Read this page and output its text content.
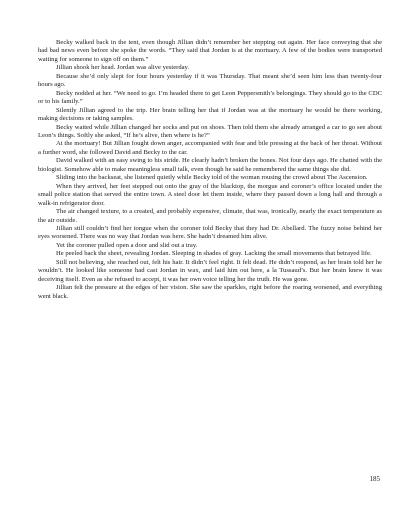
Becky walked back in the tent, even though Jillian didn’t remember her stepping out again. Her face conveying that she had bad news even before she spoke the words. “They said that Jordan is at the mortuary. A few of the bodies were transported waiting for someone to sign off on them.”

Jillian shook her head. Jordan was alive yesterday.

Because she’d only slept for four hours yesterday if it was Thursday. That meant she’d seen him less than twenty-four hours ago.

Becky nodded at her. “We need to go. I’m headed there to get Leon Peppersmith’s belongings. They should go to the CDC or to his family.”

Silently Jillian agreed to the trip. Her brain telling her that if Jordan was at the mortuary he would be there working, making decisions or taking samples.

Becky waited while Jillian changed her socks and put on shoes. Then told them she already arranged a car to go see about Leon’s things. Softly she asked, “If he’s alive, then where is he?”

At the mortuary! But Jillian fought down anger, accompanied with fear and bile pressing at the back of her throat. Without a further word, she followed David and Becky to the car.

David walked with an easy swing to his stride. He clearly hadn’t broken the bones. Not four days ago. He chatted with the biologist. Somehow able to make meaningless small talk, even though he said he remembered the same things she did.

Sliding into the backseat, she listened quietly while Becky told of the woman rousing the crowd about The Ascension.

When they arrived, her feet stepped out onto the gray of the blacktop, the morgue and coroner’s office located under the small police station that served the entire town. A steel door let them inside, where they passed down a long hall and through a walk-in refrigerator door.

The air changed texture, to a created, and probably expensive, climate, that was, ironically, nearly the exact temperature as the air outside.

Jillian still couldn’t find her tongue when the coroner told Becky that they had Dr. Abellard. The fuzzy noise behind her eyes worsened. There was no way that Jordan was here. She hadn’t dreamed him alive.

Yet the coroner pulled open a door and slid out a tray.

He peeled back the sheet, revealing Jordan. Sleeping in shades of gray. Lacking the small movements that betrayed life.

Still not believing, she reached out, felt his hair. It didn’t feel right. It felt dead. He didn’t respond, as her brain told her he wouldn’t. He looked like someone had cast Jordan in wax, and laid him out here, a la Tussaud’s. But her brain knew it was deceiving itself. Even as she refused to accept, it was her own voice telling her the truth. He was gone.

Jillian felt the pressure at the edges of her vision. She saw the sparkles, right before the roaring worsened, and everything went black.

185
